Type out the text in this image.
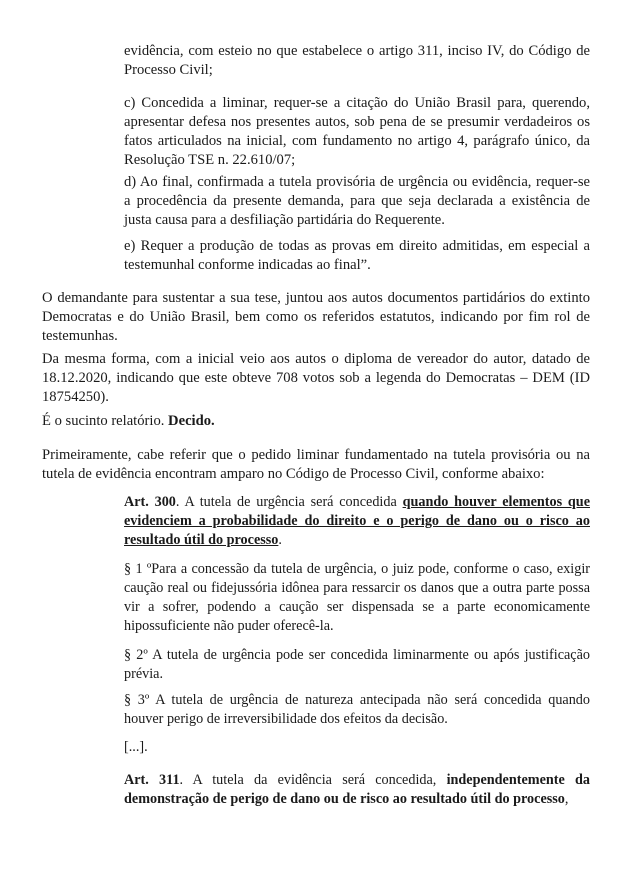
evidência, com esteio no que estabelece o artigo 311, inciso IV, do Código de Processo Civil;

c) Concedida a liminar, requer-se a citação do União Brasil para, querendo, apresentar defesa nos presentes autos, sob pena de se presumir verdadeiros os fatos articulados na inicial, com fundamento no artigo 4, parágrafo único, da Resolução TSE n. 22.610/07;

d) Ao final, confirmada a tutela provisória de urgência ou evidência, requer-se a procedência da presente demanda, para que seja declarada a existência de justa causa para a desfiliação partidária do Requerente.

e) Requer a produção de todas as provas em direito admitidas, em especial a testemunhal conforme indicadas ao final”.

O demandante para sustentar a sua tese, juntou aos autos documentos partidários do extinto Democratas e do União Brasil, bem como os referidos estatutos, indicando por fim rol de testemunhas.

Da mesma forma, com a inicial veio aos autos o diploma de vereador do autor, datado de 18.12.2020, indicando que este obteve 708 votos sob a legenda do Democratas – DEM (ID 18754250).

É o sucinto relatório. Decido.

Primeiramente, cabe referir que o pedido liminar fundamentado na tutela provisória ou na tutela de evidência encontram amparo no Código de Processo Civil, conforme abaixo:

Art. 300. A tutela de urgência será concedida quando houver elementos que evidenciem a probabilidade do direito e o perigo de dano ou o risco ao resultado útil do processo.

§ 1 ºPara a concessão da tutela de urgência, o juiz pode, conforme o caso, exigir caução real ou fidejussória idônea para ressarcir os danos que a outra parte possa vir a sofrer, podendo a caução ser dispensada se a parte economicamente hipossuficiente não puder oferecê-la.

§ 2º A tutela de urgência pode ser concedida liminarmente ou após justificação prévia.

§ 3º A tutela de urgência de natureza antecipada não será concedida quando houver perigo de irreversibilidade dos efeitos da decisão.

[...].

Art. 311. A tutela da evidência será concedida, independentemente da demonstração de perigo de dano ou de risco ao resultado útil do processo,
